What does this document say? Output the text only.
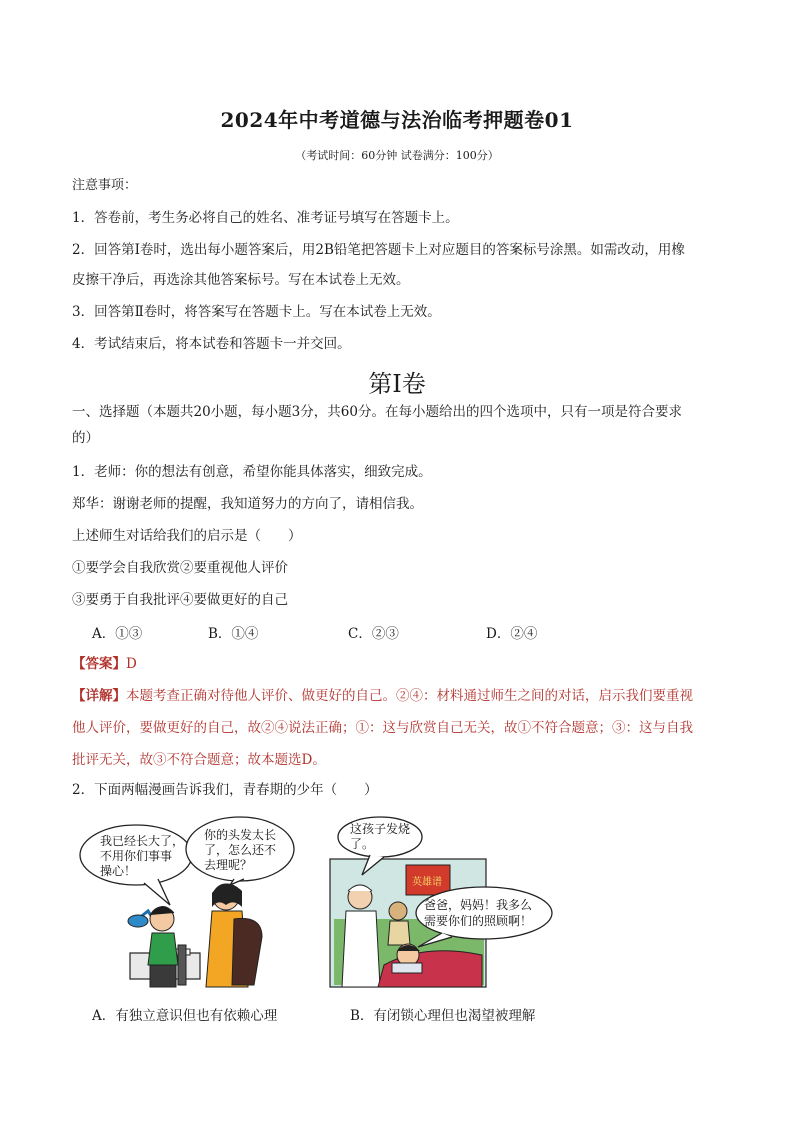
2024年中考道德与法治临考押题卷01
（考试时间：60分钟 试卷满分：100分）
注意事项：
1．答卷前，考生务必将自己的姓名、准考证号填写在答题卡上。
2．回答第Ⅰ卷时，选出每小题答案后，用2B铅笔把答题卡上对应题目的答案标号涂黑。如需改动，用橡
皮擦干净后，再选涂其他答案标号。写在本试卷上无效。
3．回答第Ⅱ卷时，将答案写在答题卡上。写在本试卷上无效。
4．考试结束后，将本试卷和答题卡一并交回。
第Ⅰ卷
一、选择题（本题共20小题，每小题3分，共60分。在每小题给出的四个选项中，只有一项是符合要求
的）
1．老师：你的想法有创意，希望你能具体落实，细致完成。
郑华：谢谢老师的提醒，我知道努力的方向了，请相信我。
上述师生对话给我们的启示是（　　）
①要学会自我欣赏②要重视他人评价
③要勇于自我批评④要做更好的自己
A．①③	B．①④	C．②③	D．②④
【答案】D
【详解】本题考查正确对待他人评价、做更好的自己。②④：材料通过师生之间的对话，启示我们要重视
他人评价，要做更好的自己，故②④说法正确；①：这与欣赏自己无关，故①不符合题意；③：这与自我
批评无关，故③不符合题意；故本题选D。
2．下面两幅漫画告诉我们，青春期的少年（　　）
我已经长大了，
不用你们事事
操心！
你的头发太长
了，怎么还不
去理呢？
英雄谱
这孩子发烧
了。
爸爸，妈妈！我多么
需要你们的照顾啊！
A．有独立意识但也有依赖心理	B．有闭锁心理但也渴望被理解
